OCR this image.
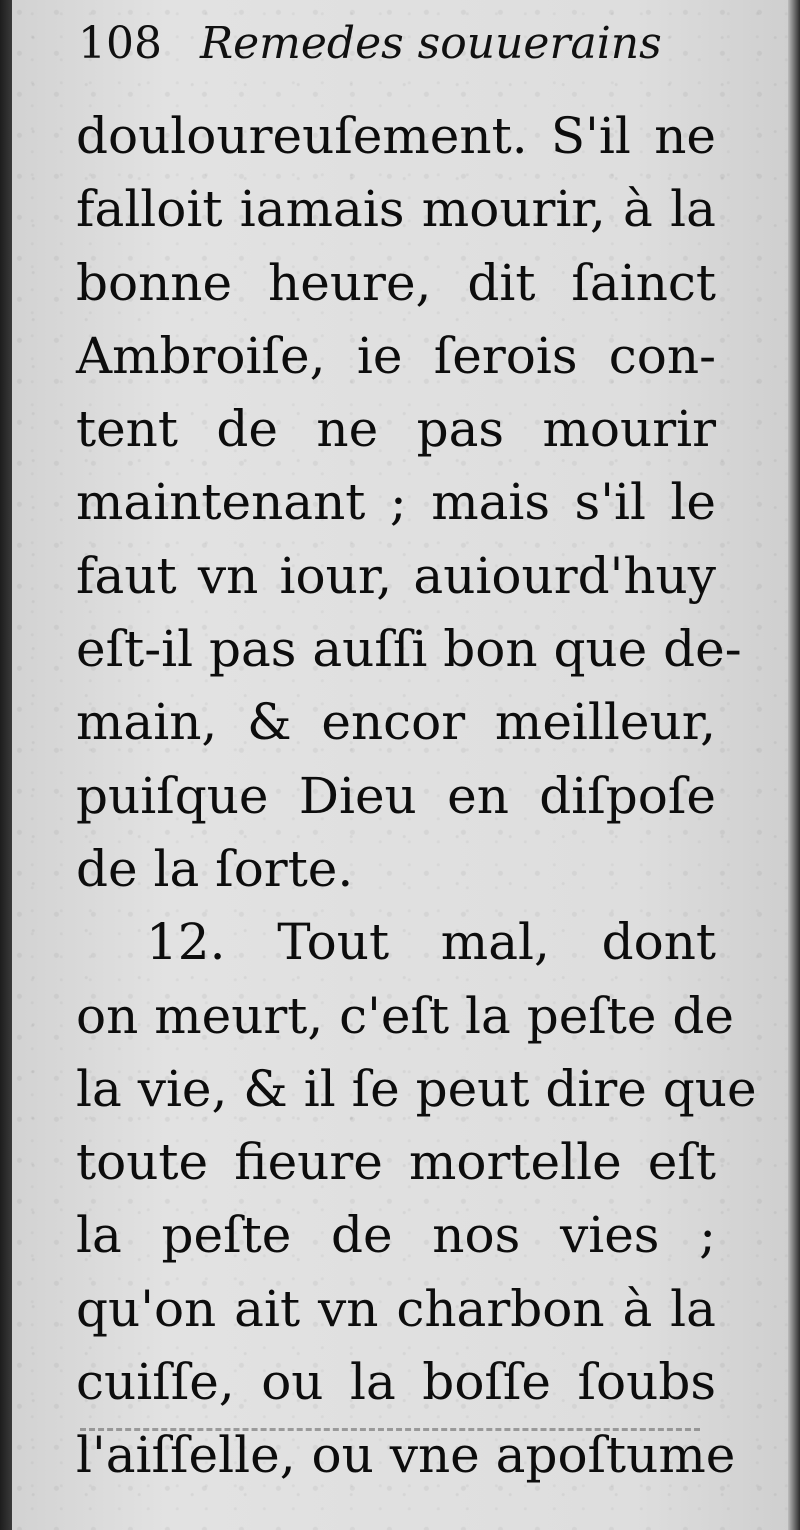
108 Remedes souuerains
douloureuſement. S'il ne
falloit iamais mourir, à la
bonne heure, dit ſainct
Ambroiſe, ie ſerois con-
tent de ne pas mourir
maintenant ; mais s'il le
faut vn iour, auiourd'huy
eſt-il pas auſſi bon que de-
main, & encor meilleur,
puiſque Dieu en diſpoſe
de la ſorte.
12. Tout mal, dont
on meurt, c'eſt la peſte de
la vie, & il ſe peut dire que
toute fieure mortelle eſt
la peſte de nos vies ;
qu'on ait vn charbon à la
cuiſſe, ou la boſſe ſoubs
l'aiſſelle, ou vne apoſtume
